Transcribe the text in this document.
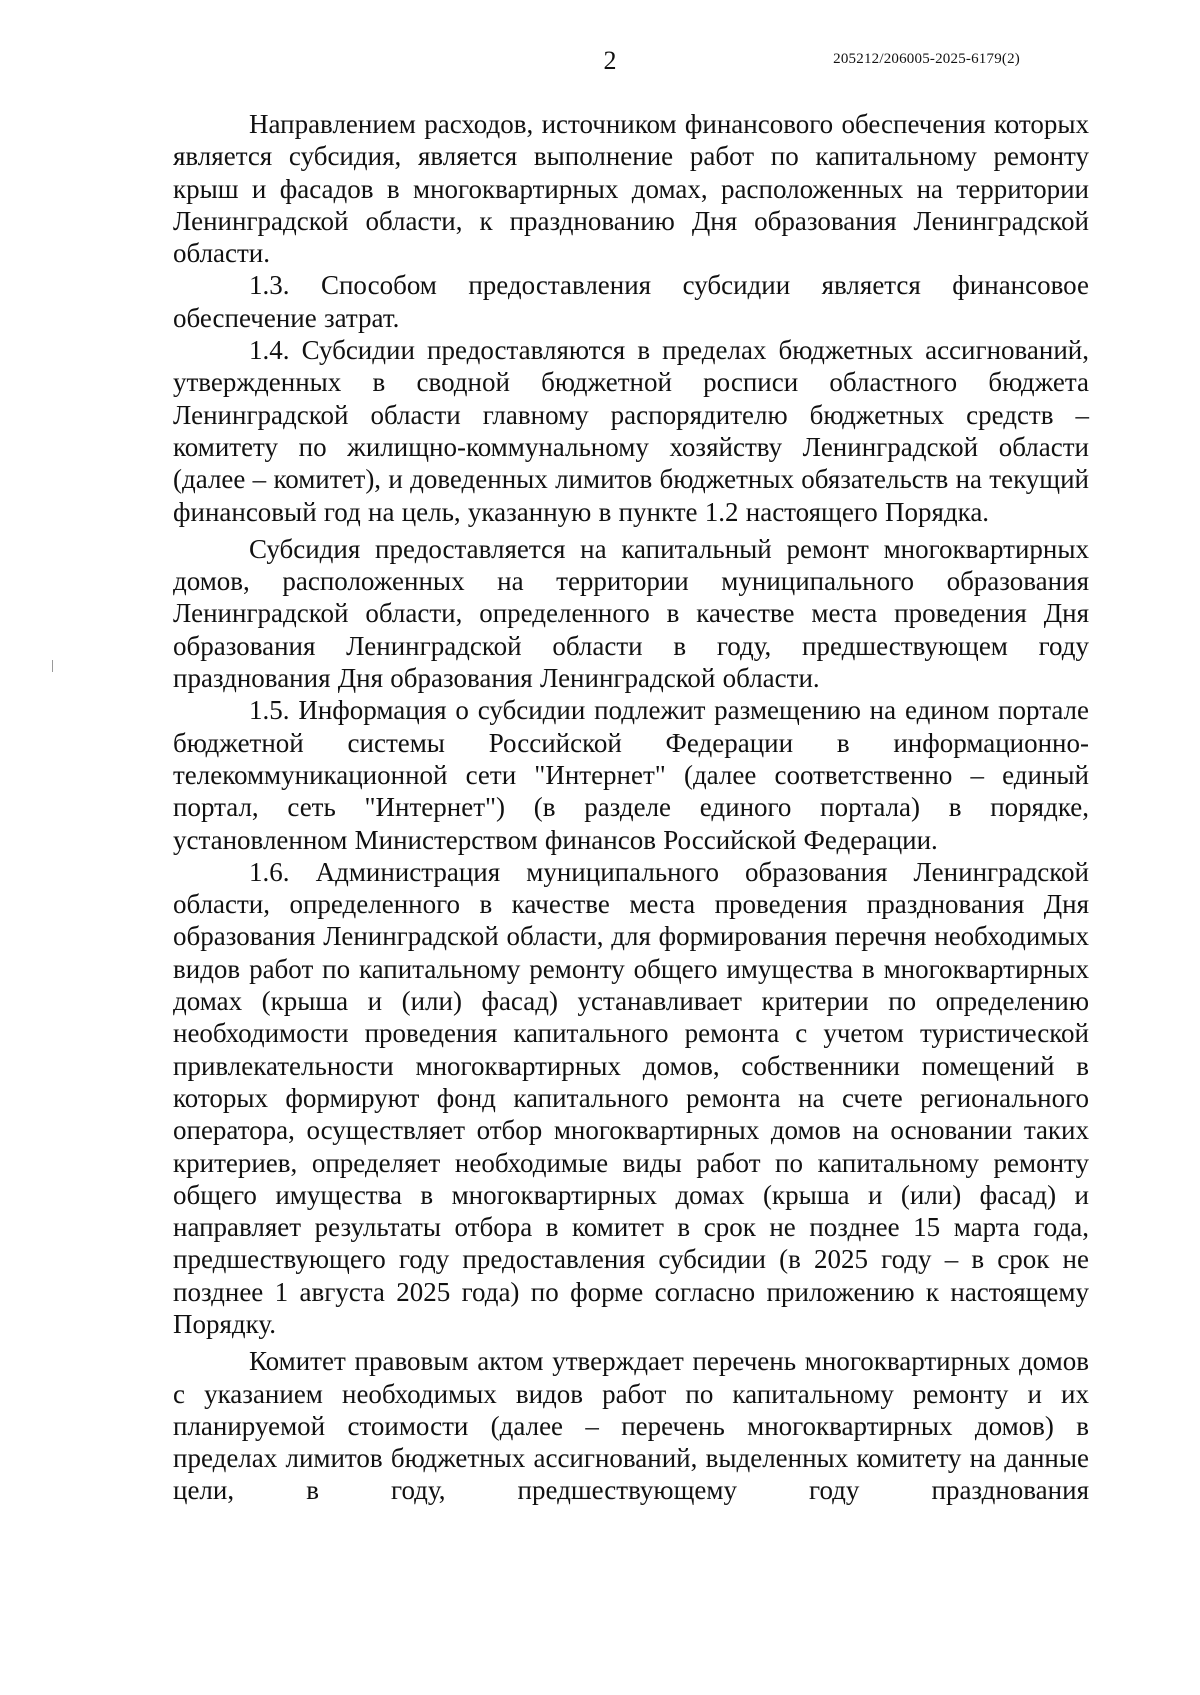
2	205212/206005-2025-6179(2)

Направлением расходов, источником финансового обеспечения которых является субсидия, является выполнение работ по капитальному ремонту крыш и фасадов в многоквартирных домах, расположенных на территории Ленинградской области, к празднованию Дня образования Ленинградской области.

1.3. Способом предоставления субсидии является финансовое обеспечение затрат.

1.4. Субсидии предоставляются в пределах бюджетных ассигнований, утвержденных в сводной бюджетной росписи областного бюджета Ленинградской области главному распорядителю бюджетных средств – комитету по жилищно-коммунальному хозяйству Ленинградской области (далее – комитет), и доведенных лимитов бюджетных обязательств на текущий финансовый год на цель, указанную в пункте 1.2 настоящего Порядка.

Субсидия предоставляется на капитальный ремонт многоквартирных домов, расположенных на территории муниципального образования Ленинградской области, определенного в качестве места проведения Дня образования Ленинградской области в году, предшествующем году празднования Дня образования Ленинградской области.

1.5. Информация о субсидии подлежит размещению на едином портале бюджетной системы Российской Федерации в информационно-телекоммуникационной сети "Интернет" (далее соответственно – единый портал, сеть "Интернет") (в разделе единого портала) в порядке, установленном Министерством финансов Российской Федерации.

1.6. Администрация муниципального образования Ленинградской области, определенного в качестве места проведения празднования Дня образования Ленинградской области, для формирования перечня необходимых видов работ по капитальному ремонту общего имущества в многоквартирных домах (крыша и (или) фасад) устанавливает критерии по определению необходимости проведения капитального ремонта с учетом туристической привлекательности многоквартирных домов, собственники помещений в которых формируют фонд капитального ремонта на счете регионального оператора, осуществляет отбор многоквартирных домов на основании таких критериев, определяет необходимые виды работ по капитальному ремонту общего имущества в многоквартирных домах (крыша и (или) фасад) и направляет результаты отбора в комитет в срок не позднее 15 марта года, предшествующего году предоставления субсидии (в 2025 году – в срок не позднее 1 августа 2025 года) по форме согласно приложению к настоящему Порядку.

Комитет правовым актом утверждает перечень многоквартирных домов с указанием необходимых видов работ по капитальному ремонту и их планируемой стоимости (далее – перечень многоквартирных домов) в пределах лимитов бюджетных ассигнований, выделенных комитету на данные цели, в году, предшествующему году празднования
